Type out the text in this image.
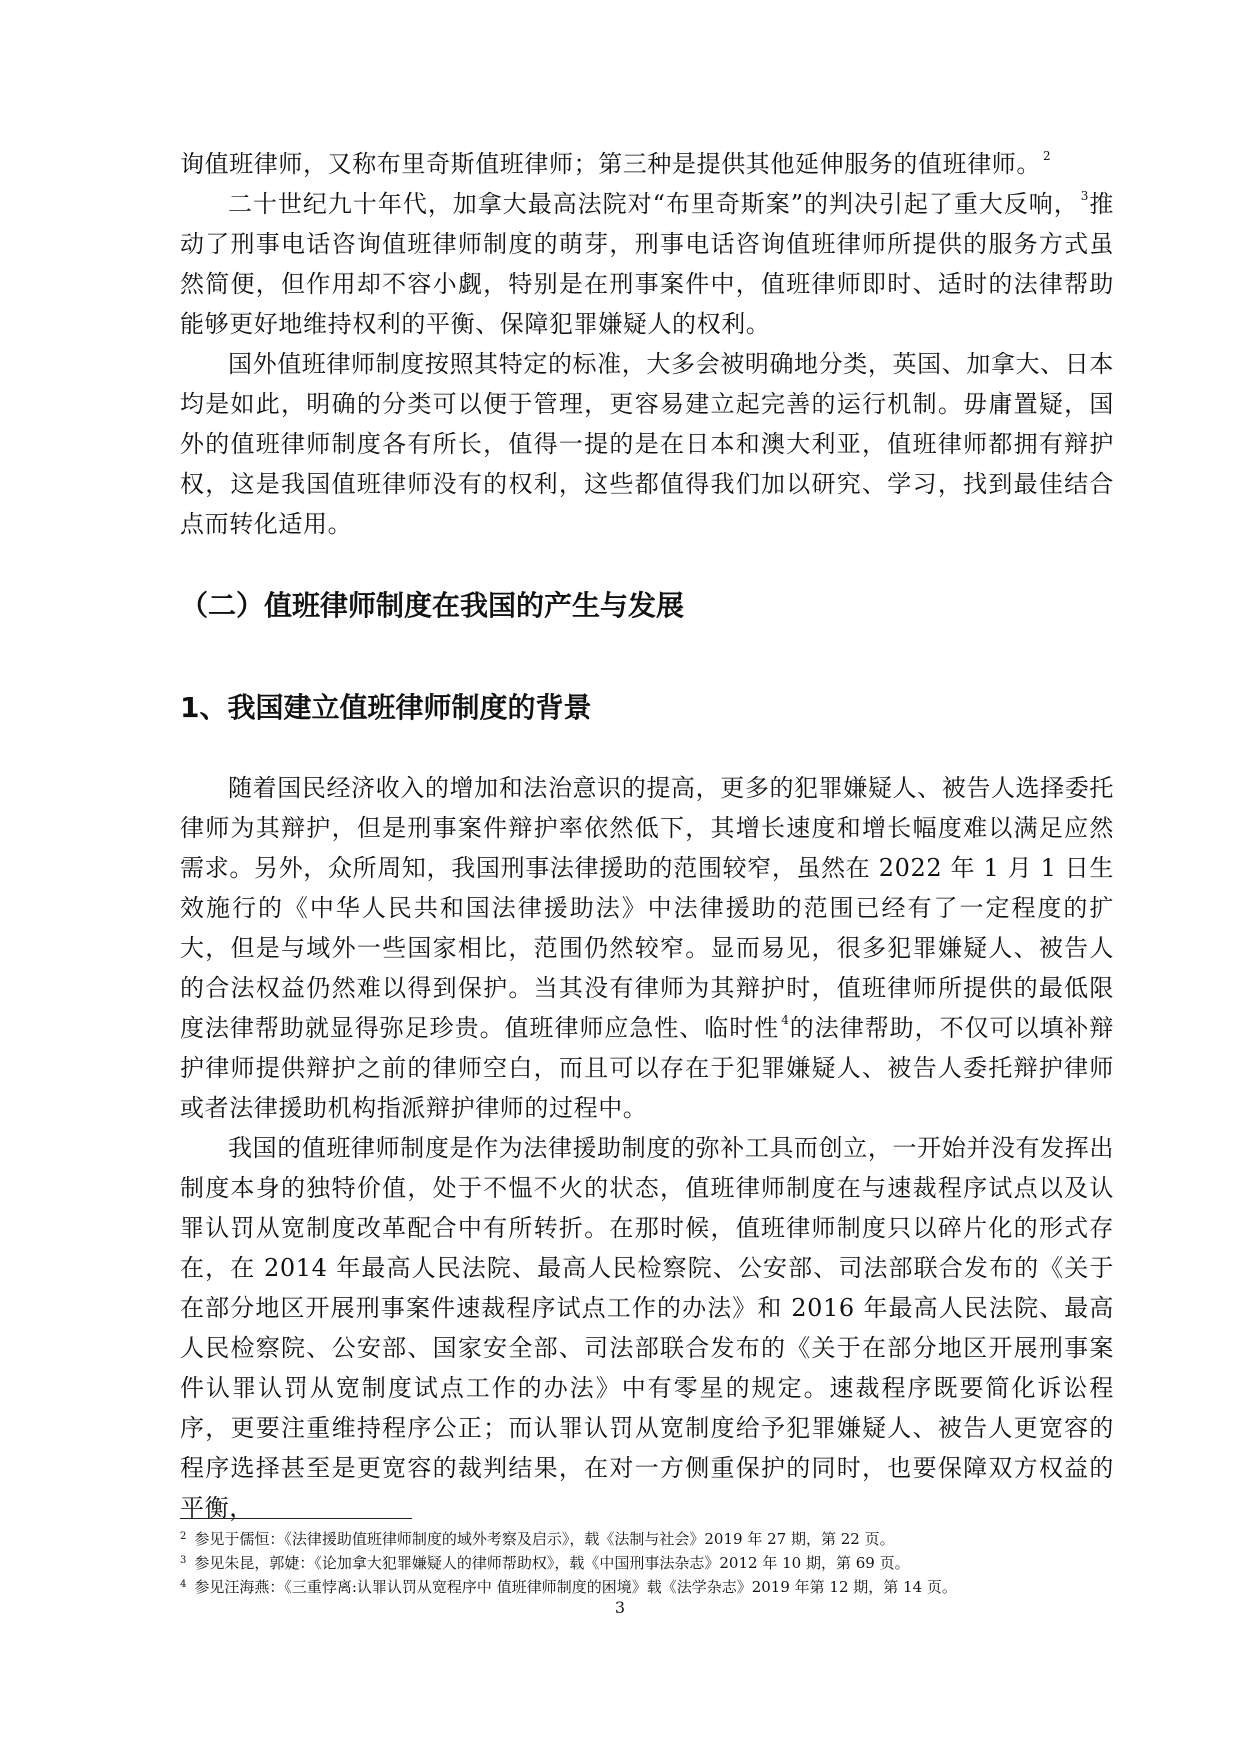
询值班律师，又称布里奇斯值班律师；第三种是提供其他延伸服务的值班律师。 $^2$

二十世纪九十年代，加拿大最高法院对“布里奇斯案”的判决引起了重大反响， $^3$推动了刑事电话咨询值班律师制度的萌芽，刑事电话咨询值班律师所提供的服务方式虽然简便，但作用却不容小觑，特别是在刑事案件中，值班律师即时、适时的法律帮助能够更好地维持权利的平衡、保障犯罪嫌疑人的权利。

国外值班律师制度按照其特定的标准，大多会被明确地分类，英国、加拿大、日本均是如此，明确的分类可以便于管理，更容易建立起完善的运行机制。毋庸置疑，国外的值班律师制度各有所长，值得一提的是在日本和澳大利亚，值班律师都拥有辩护权，这是我国值班律师没有的权利，这些都值得我们加以研究、学习，找到最佳结合点而转化适用。

（二）值班律师制度在我国的产生与发展
1、我国建立值班律师制度的背景

随着国民经济收入的增加和法治意识的提高，更多的犯罪嫌疑人、被告人选择委托律师为其辩护，但是刑事案件辩护率依然低下，其增长速度和增长幅度难以满足应然需求。另外，众所周知，我国刑事法律援助的范围较窄，虽然在 2022 年 1 月 1 日生效施行的《中华人民共和国法律援助法》中法律援助的范围已经有了一定程度的扩大，但是与域外一些国家相比，范围仍然较窄。显而易见，很多犯罪嫌疑人、被告人的合法权益仍然难以得到保护。当其没有律师为其辩护时，值班律师所提供的最低限度法律帮助就显得弥足珍贵。值班律师应急性、临时性 $^4$的法律帮助，不仅可以填补辩护律师提供辩护之前的律师空白，而且可以存在于犯罪嫌疑人、被告人委托辩护律师或者法律援助机构指派辩护律师的过程中。

我国的值班律师制度是作为法律援助制度的弥补工具而创立，一开始并没有发挥出制度本身的独特价值，处于不愠不火的状态，值班律师制度在与速裁程序试点以及认罪认罚从宽制度改革配合中有所转折。在那时候，值班律师制度只以碎片化的形式存在，在 2014 年最高人民法院、最高人民检察院、公安部、司法部联合发布的《关于在部分地区开展刑事案件速裁程序试点工作的办法》和 2016 年最高人民法院、最高人民检察院、公安部、国家安全部、司法部联合发布的《关于在部分地区开展刑事案件认罪认罚从宽制度试点工作的办法》中有零星的规定。速裁程序既要简化诉讼程序，更要注重维持程序公正；而认罪认罚从宽制度给予犯罪嫌疑人、被告人更宽容的程序选择甚至是更宽容的裁判结果，在对一方侧重保护的同时，也要保障双方权益的平衡，

$^2$ 参见于儒恒：《法律援助值班律师制度的域外考察及启示》，载《法制与社会》2019 年 27 期，第 22 页。
$^3$ 参见朱昆，郭婕：《论加拿大犯罪嫌疑人的律师帮助权》，载《中国刑事法杂志》2012 年 10 期，第 69 页。
$^4$ 参见汪海燕：《三重悖离:认罪认罚从宽程序中 值班律师制度的困境》载《法学杂志》2019 年第 12 期，第 14 页。
3
